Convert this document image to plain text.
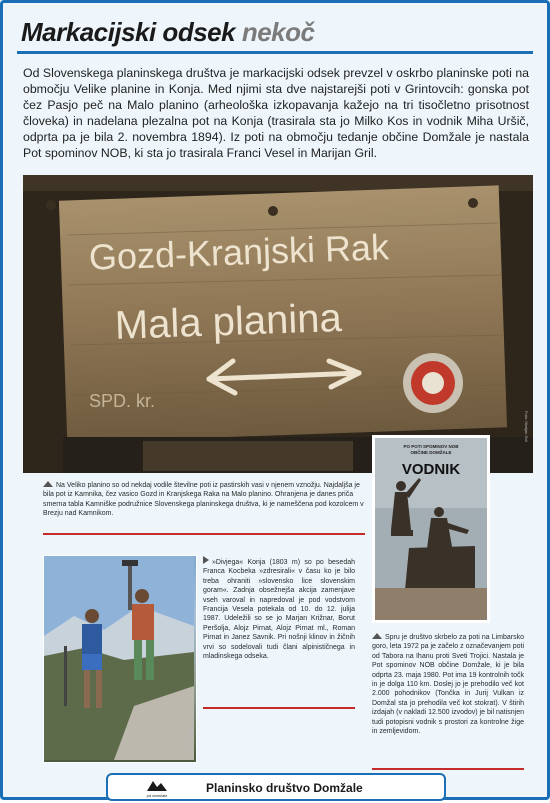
Markacijski odsek nekoč
Od Slovenskega planinskega društva je markacijski odsek prevzel v oskrbo planinske poti na območju Velike planine in Konja. Med njimi sta dve najstarejši poti v Grintovcih: gonska pot čez Pasjo peč na Malo planino (arheološka izkopavanja kažejo na tri tisočletno prisotnost človeka) in nadelana plezalna pot na Konja (trasirala sta jo Milko Kos in vodnik Miha Uršič, odprta pa je bila 2. novembra 1894). Iz poti na območju tedanje občine Domžale je nastala Pot spominov NOB, ki sta jo trasirala Franci Vesel in Marijan Gril.
Gozd-Kranjski Rak
Mala planina
SPD. kr.
Foto: Marijan Gril
Na Veliko planino so od nekdaj vodile številne poti iz pastirskih vasi v njenem vznožju. Najdaljša je bila pot iz Kamnika, čez vasico Gozd in Kranjskega Raka na Malo planino. Ohranjena je danes priča smerna tabla Kamniške podružnice Slovenskega planinskega društva, ki je nameščena pod kozolcem v Brezju nad Kamnikom.
PO POTI SPOMINOV NOB
OBČINE DOMŽALE
VODNIK
»Divjega« Konja (1803 m) so po besedah Franca Kocbeka »zdresirali« v času ko je bilo treba ohraniti »slovensko lice slovenskim goram«. Zadnja obsežnejša akcija zamenjave vseh varoval in napredoval je pod vodstvom Francija Vesela potekala od 10. do 12. julija 1987. Udeležili so se jo Marjan Križnar, Borut Peršolja, Alojz Pirnat, Alojz Pirnat ml., Roman Pirnat in Janez Savnik. Pri nošnji klinov in žičnih vrvi so sodelovali tudi člani alpinističnega in mladinskega odseka.
Foto: Marijan Križnar
Spru je društvo skrbelo za poti na Limbarsko goro, leta 1972 pa je začelo z označevanjem poti od Tabora na Ihanu proti Sveti Trojici. Nastala je Pot spominov NOB občine Domžale, ki je bila odprta 23. maja 1980. Pot ima 19 kontrolnih točk in je dolga 110 km. Doslej jo je prehodilo več kot 2.000 pohodnikov (Tončka in Jurij Vulkan iz Domžal sta jo prehodila več kot stokrat). V štirih izdajah (v nakladi 12.500 izvodov) je bil natisnjen tudi potopisni vodnik s prostori za kontrolne žige in zemljevidom.
pd domžale
Planinsko društvo Domžale
